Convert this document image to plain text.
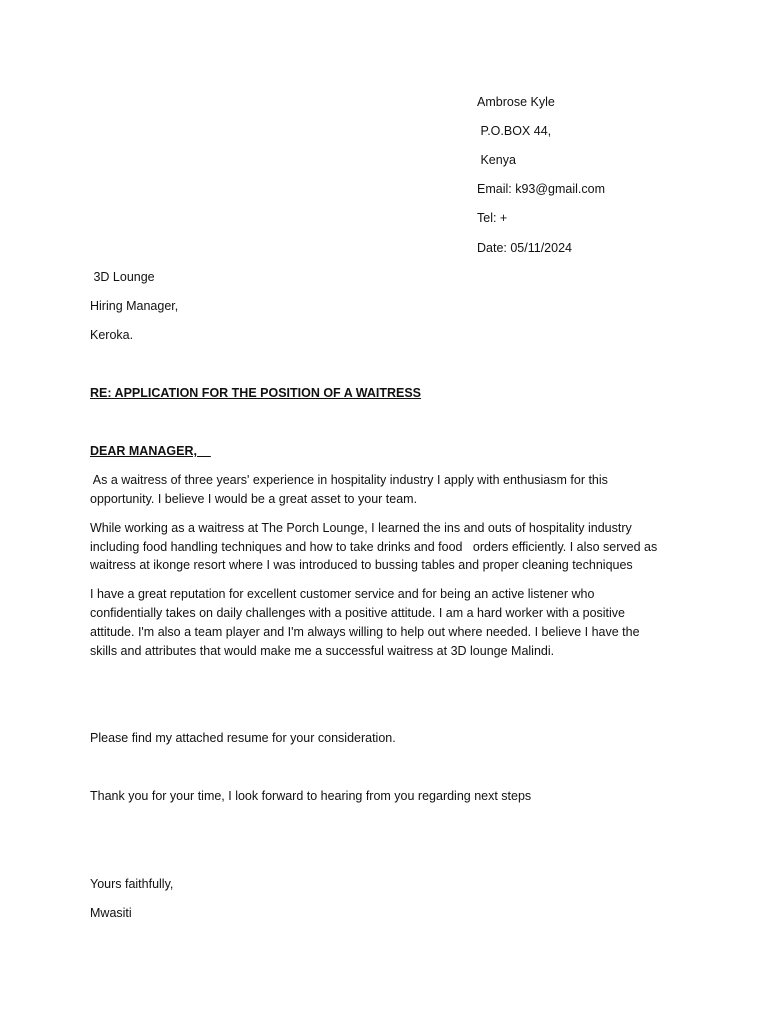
Ambrose Kyle
P.O.BOX 44,
Kenya
Email: k93@gmail.com
Tel: +
Date: 05/11/2024
3D Lounge
Hiring Manager,
Keroka.
RE: APPLICATION FOR THE POSITION OF A WAITRESS
DEAR MANAGER,
As a waitress of three years' experience in hospitality industry I apply with enthusiasm for this
opportunity. I believe I would be a great asset to your team.
While working as a waitress at The Porch Lounge, I learned the ins and outs of hospitality industry
including food handling techniques and how to take drinks and food   orders efficiently. I also served as
waitress at ikonge resort where I was introduced to bussing tables and proper cleaning techniques
I have a great reputation for excellent customer service and for being an active listener who
confidentially takes on daily challenges with a positive attitude. I am a hard worker with a positive
attitude. I'm also a team player and I'm always willing to help out where needed. I believe I have the
skills and attributes that would make me a successful waitress at 3D lounge Malindi.
Please find my attached resume for your consideration.
Thank you for your time, I look forward to hearing from you regarding next steps
Yours faithfully,
Mwasiti
